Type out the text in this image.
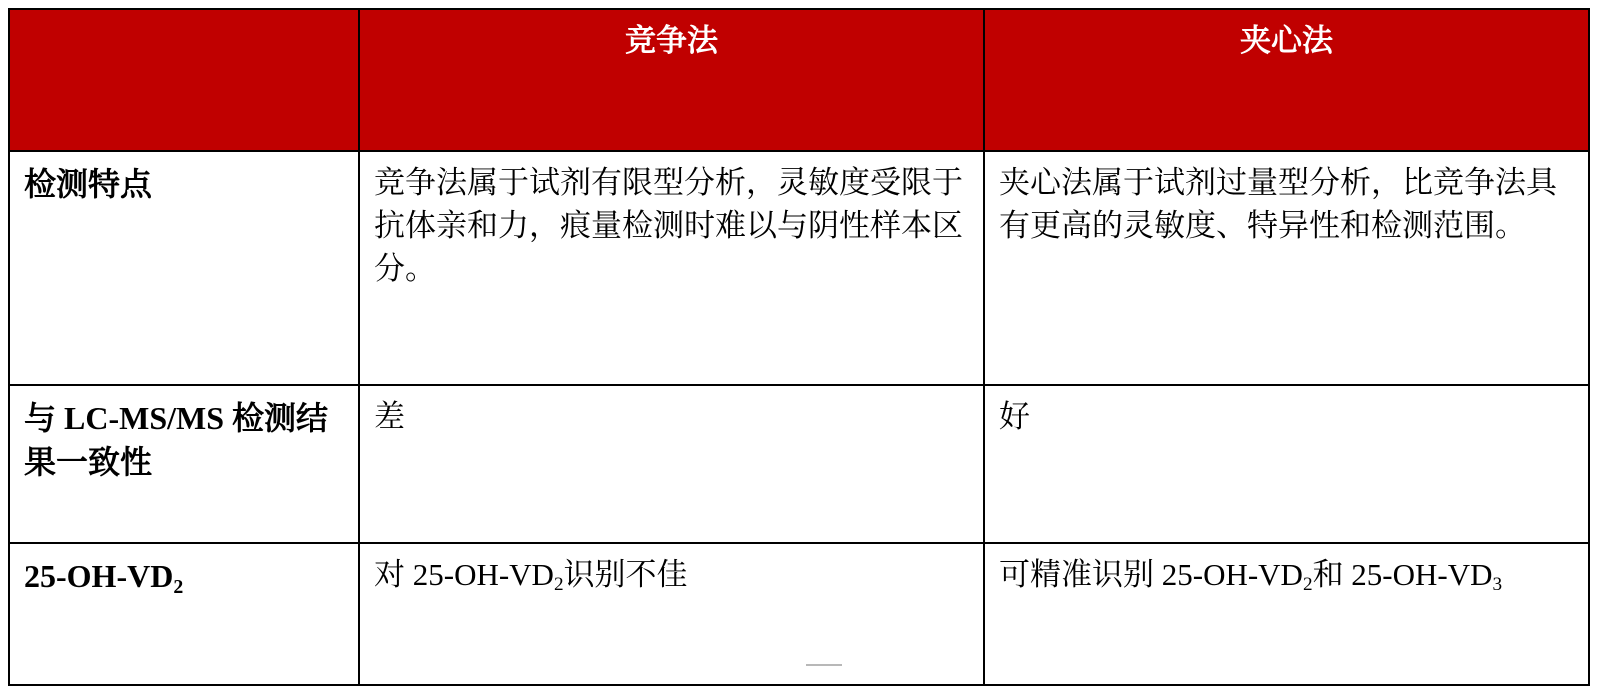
	竞争法	夹心法
检测特点	竞争法属于试剂有限型分析，灵敏度受限于抗体亲和力，痕量检测时难以与阴性样本区分。	夹心法属于试剂过量型分析，比竞争法具有更高的灵敏度、特异性和检测范围。
与 LC-MS/MS 检测结果一致性	差	好
$25-OH-VD_2$	对 $25-OH-VD_2$识别不佳	可精准识别 $25-OH-VD_2$和 $25-OH-VD_3$
